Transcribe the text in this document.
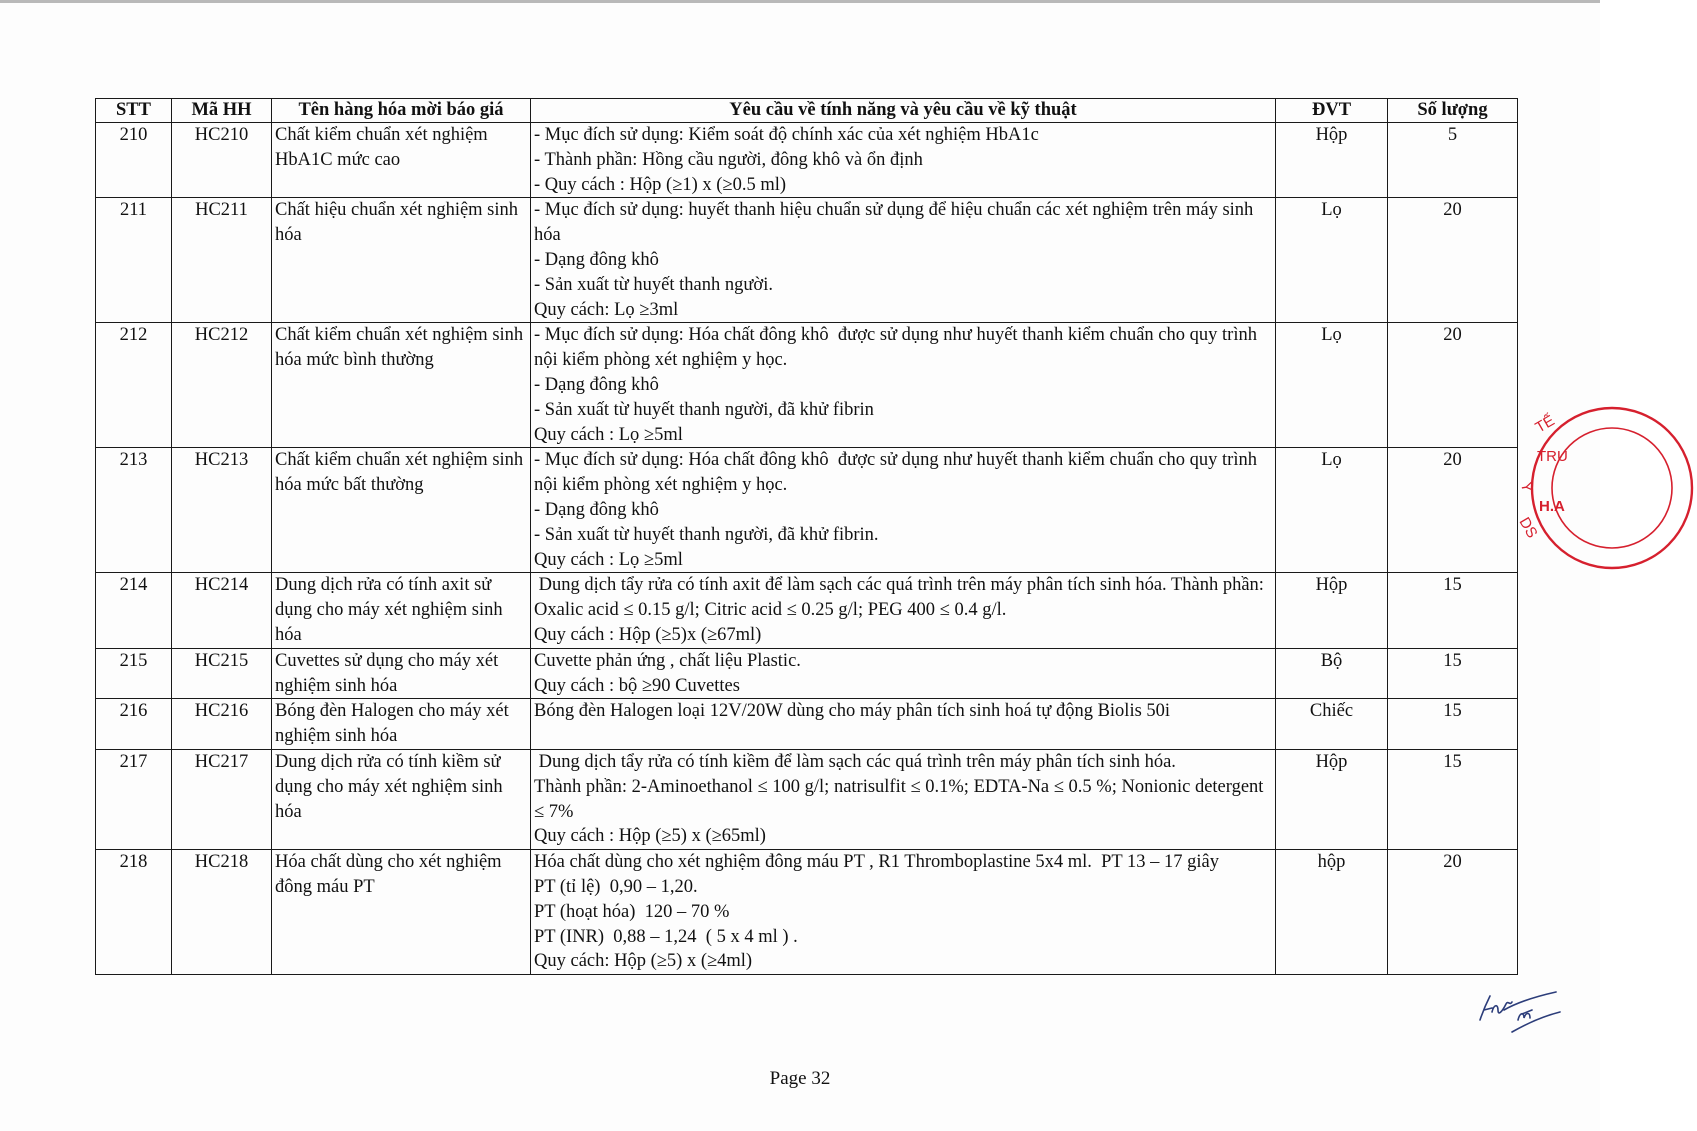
STT	Mã HH	Tên hàng hóa mời báo giá	Yêu cầu về tính năng và yêu cầu về kỹ thuật	ĐVT	Số lượng
210	HC210	Chất kiểm chuẩn xét nghiệm HbA1C mức cao	- Mục đích sử dụng: Kiểm soát độ chính xác của xét nghiệm HbA1c
- Thành phần: Hồng cầu người, đông khô và ổn định
- Quy cách : Hộp (≥1) x (≥0.5 ml)	Hộp	5
211	HC211	Chất hiệu chuẩn xét nghiệm sinh hóa	- Mục đích sử dụng: huyết thanh hiệu chuẩn sử dụng để hiệu chuẩn các xét nghiệm trên máy sinh hóa
- Dạng đông khô
- Sản xuất từ huyết thanh người.
Quy cách: Lọ ≥3ml	Lọ	20
212	HC212	Chất kiểm chuẩn xét nghiệm sinh hóa mức bình thường	- Mục đích sử dụng: Hóa chất đông khô  được sử dụng như huyết thanh kiểm chuẩn cho quy trình nội kiểm phòng xét nghiệm y học.
- Dạng đông khô
- Sản xuất từ huyết thanh người, đã khử fibrin
Quy cách : Lọ ≥5ml	Lọ	20
213	HC213	Chất kiểm chuẩn xét nghiệm sinh hóa mức bất thường	- Mục đích sử dụng: Hóa chất đông khô  được sử dụng như huyết thanh kiểm chuẩn cho quy trình nội kiểm phòng xét nghiệm y học.
- Dạng đông khô
- Sản xuất từ huyết thanh người, đã khử fibrin.
Quy cách : Lọ ≥5ml	Lọ	20
214	HC214	Dung dịch rửa có tính axit sử dụng cho máy xét nghiệm sinh hóa	Dung dịch tẩy rửa có tính axit để làm sạch các quá trình trên máy phân tích sinh hóa. Thành phần: Oxalic acid ≤ 0.15 g/l; Citric acid ≤ 0.25 g/l; PEG 400 ≤ 0.4 g/l.
Quy cách : Hộp (≥5)x (≥67ml)	Hộp	15
215	HC215	Cuvettes sử dụng cho máy xét nghiệm sinh hóa	Cuvette phản ứng , chất liệu Plastic.
Quy cách : bộ ≥90 Cuvettes	Bộ	15
216	HC216	Bóng đèn Halogen cho máy xét nghiệm sinh hóa	Bóng đèn Halogen loại 12V/20W dùng cho máy phân tích sinh hoá tự động Biolis 50i	Chiếc	15
217	HC217	Dung dịch rửa có tính kiềm sử dụng cho máy xét nghiệm sinh hóa	Dung dịch tẩy rửa có tính kiềm để làm sạch các quá trình trên máy phân tích sinh hóa.
Thành phần: 2-Aminoethanol ≤ 100 g/l; natrisulfit ≤ 0.1%; EDTA-Na ≤ 0.5 %; Nonionic detergent ≤ 7%
Quy cách : Hộp (≥5) x (≥65ml)	Hộp	15
218	HC218	Hóa chất dùng cho xét nghiệm đông máu PT	Hóa chất dùng cho xét nghiệm đông máu PT , R1 Thromboplastine 5x4 ml.  PT 13 – 17 giây
PT (tỉ lệ)  0,90 – 1,20.
PT (hoạt hóa)  120 – 70 %
PT (INR)  0,88 – 1,24  ( 5 x 4 ml ) .
Quy cách: Hộp (≥5) x (≥4ml)	hộp	20
TẾ
TRU
H.A
DS
Y
Page 32
